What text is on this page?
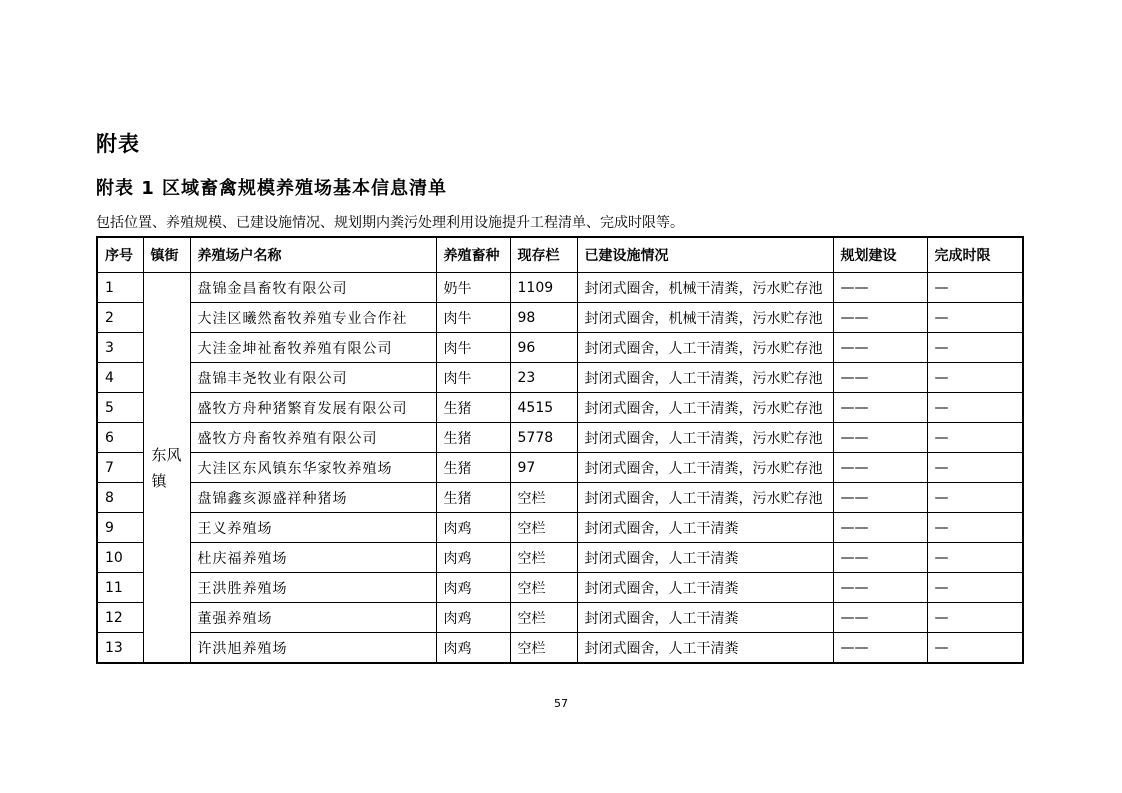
附表
附表 1 区域畜禽规模养殖场基本信息清单
包括位置、养殖规模、已建设施情况、规划期内粪污处理利用设施提升工程清单、完成时限等。
序号	镇街	养殖场户名称	养殖畜种	现存栏	已建设施情况	规划建设	完成时限
1	东风镇	盘锦金昌畜牧有限公司	奶牛	1109	封闭式圈舍，机械干清粪，污水贮存池	——	—
2		大洼区曦然畜牧养殖专业合作社	肉牛	98	封闭式圈舍，机械干清粪，污水贮存池	——	—
3		大洼金坤祉畜牧养殖有限公司	肉牛	96	封闭式圈舍，人工干清粪，污水贮存池	——	—
4		盘锦丰尧牧业有限公司	肉牛	23	封闭式圈舍，人工干清粪，污水贮存池	——	—
5		盛牧方舟种猪繁育发展有限公司	生猪	4515	封闭式圈舍，人工干清粪，污水贮存池	——	—
6		盛牧方舟畜牧养殖有限公司	生猪	5778	封闭式圈舍，人工干清粪，污水贮存池	——	—
7		大洼区东风镇东华家牧养殖场	生猪	97	封闭式圈舍，人工干清粪，污水贮存池	——	—
8		盘锦鑫亥源盛祥种猪场	生猪	空栏	封闭式圈舍，人工干清粪，污水贮存池	——	—
9		王义养殖场	肉鸡	空栏	封闭式圈舍，人工干清粪	——	—
10		杜庆福养殖场	肉鸡	空栏	封闭式圈舍，人工干清粪	——	—
11		王洪胜养殖场	肉鸡	空栏	封闭式圈舍，人工干清粪	——	—
12		董强养殖场	肉鸡	空栏	封闭式圈舍，人工干清粪	——	—
13		许洪旭养殖场	肉鸡	空栏	封闭式圈舍，人工干清粪	——	—
57
